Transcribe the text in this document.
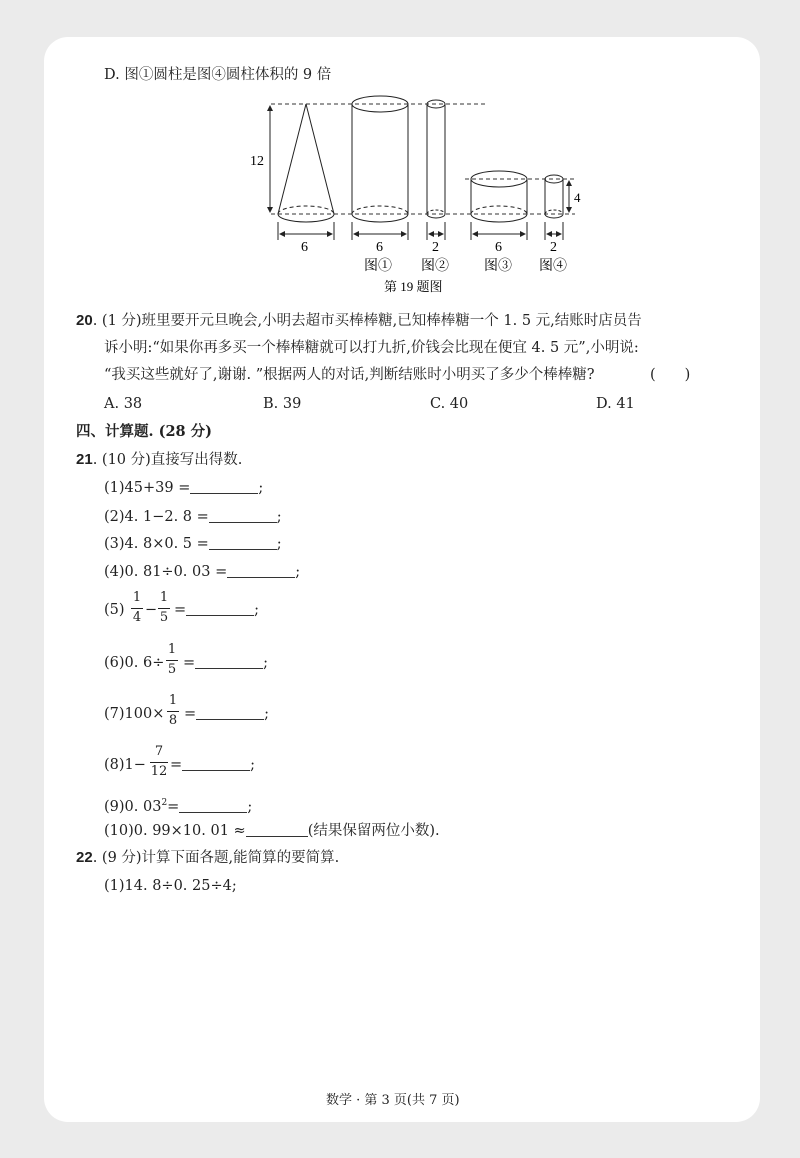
D. 图①圆柱是图④圆柱体积的 9 倍
12
4
6	6	2	6	2
图① 图②	图③ 图④
第 19 题图
20. (1 分)班里要开元旦晚会,小明去超市买棒棒糖,已知棒棒糖一个 1. 5 元,结账时店员告
诉小明:“如果你再多买一个棒棒糖就可以打九折,价钱会比现在便宜 4. 5 元”,小明说:
“我买这些就好了,谢谢. ”根据两人的对话,判断结账时小明买了多少个棒棒糖?	(　　)
A. 38	B. 39	C. 40	D. 41
四、计算题. (28 分)
21. (10 分)直接写出得数.
(1)45+39 =	;
(2)4. 1−2. 8 =	;
(3)4. 8×0. 5 =	;
(4)0. 81÷0. 03 =	;
(5)
1
4 −
1
5 =	;
(6)0. 6÷
1
5 =	;
(7)100×
1
8 =	;
(8)1−
7
12 =	;
(9)0. $03^2=$	;
(10)0. 99×10. 01 ≈	(结果保留两位小数).
22. (9 分)计算下面各题,能简算的要简算.
(1)14. 8÷0. 25÷4;
数学 · 第 3 页(共 7 页)
